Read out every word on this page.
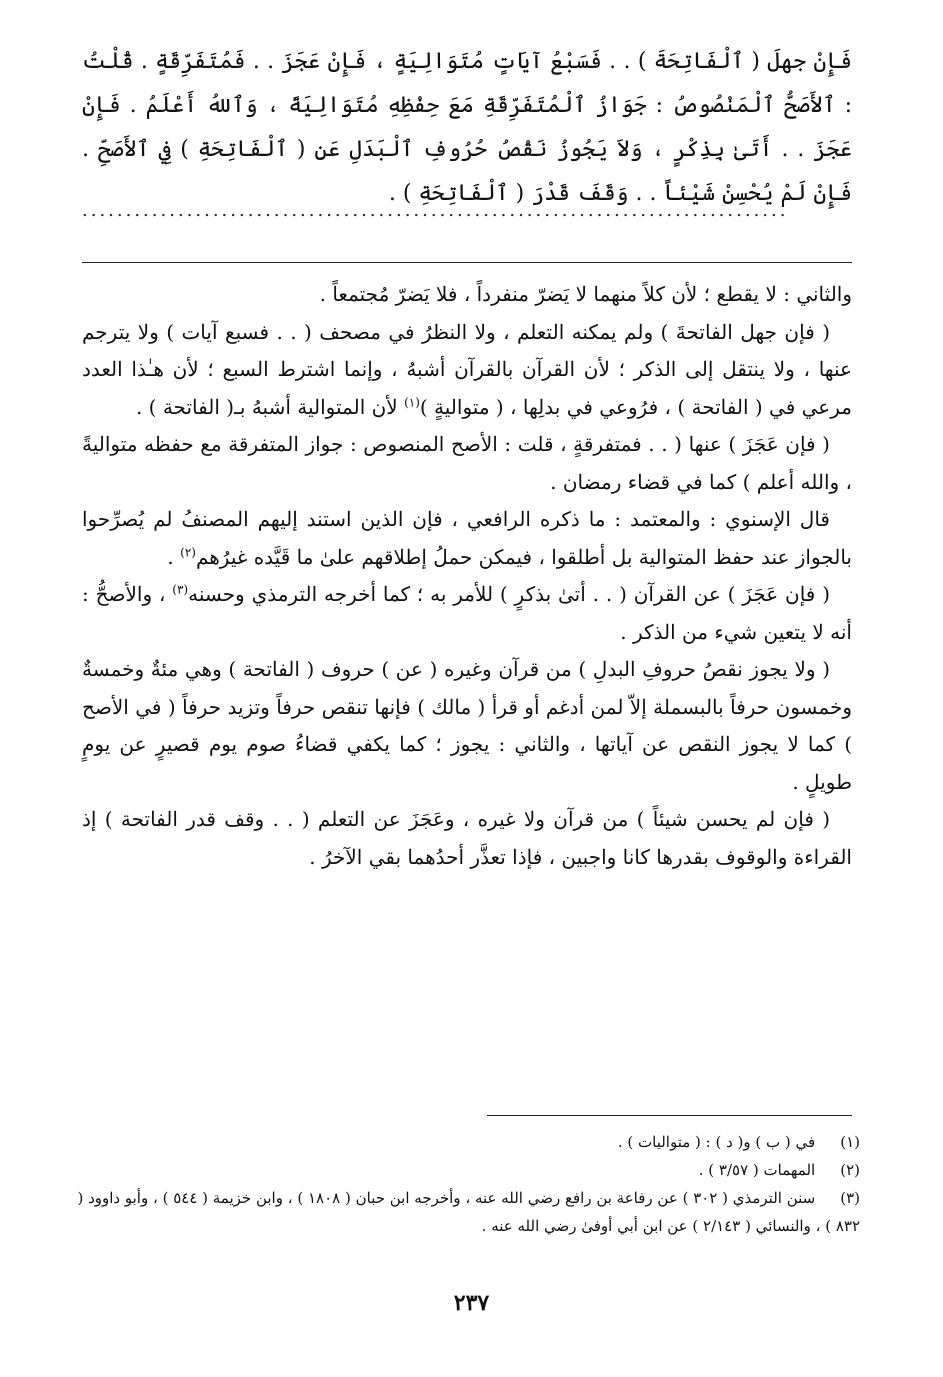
فَإِنْ جهلَ ( ٱلْفَاتِحَةَ ) . . فَسَبْعُ آيَاتٍ مُتَوَالِيَةٍ ، فَإِنْ عَجَزَ . . فَمُتَفَرِّقَةٍ . قُلْتُ : ٱلأَصَحُّ ٱلْمَنْصُوصُ : جَوَازُ ٱلْمُتَفَرِّقَةِ مَعَ حِفْظِهِ مُتَوَالِيَةً ، وَٱللهُ أَعْلَمُ . فَإِنْ عَجَزَ . . أَتَىٰ بِذِكْرٍ ، وَلاَ يَجُوزُ نَقْصُ حُرُوفِ ٱلْبَدَلِ عَنِ ( ٱلْفَاتِحَةِ ) فِي ٱلأَصَحِّ . فَإِنْ لَمْ يُحْسِنْ شَيْئاً . . وَقَفَ قَدْرَ ( ٱلْفَاتِحَةِ ) .

.................................................................................

والثاني : لا يقطع ؛ لأن كلاً منهما لا يَضرّ منفرداً ، فلا يَضرّ مُجتمعاً .

( فإن جهل الفاتحةَ ) ولم يمكنه التعلم ، ولا النظرُ في مصحف ( . . فسبع آيات ) ولا يترجم عنها ، ولا ينتقل إلى الذكر ؛ لأن القرآن بالقرآن أشبهُ ، وإنما اشترط السبع ؛ لأن هـٰذا العدد مرعي في ( الفاتحة ) ، فرُوعي في بدلِها ، ( متواليةٍ )$^{(١)}$ لأن المتوالية أشبهُ بـ( الفاتحة ) .

( فإن عَجَزَ ) عنها ( . . فمتفرقةٍ ، قلت : الأصح المنصوص : جواز المتفرقة مع حفظه متواليةً ، والله أعلم ) كما في قضاء رمضان .

قال الإسنوي : والمعتمد : ما ذكره الرافعي ، فإن الذين استند إليهم المصنفُ لم يُصرِّحوا بالجواز عند حفظ المتوالية بل أطلقوا ، فيمكن حملُ إطلاقهم علىٰ ما قَيَّده غيرُهم$^{(٢)}$ .

( فإن عَجَزَ ) عن القرآن ( . . أتىٰ بذكرٍ ) للأمر به ؛ كما أخرجه الترمذي وحسنه$^{(٣)}$ ، والأصحُّ : أنه لا يتعين شيء من الذكر .

( ولا يجوز نقصُ حروفِ البدلِ ) من قرآن وغيره ( عن ) حروف ( الفاتحة ) وهي مئةٌ وخمسةٌ وخمسون حرفاً بالبسملة إلاّ لمن أدغم أو قرأ ( مالك ) فإنها تنقص حرفاً وتزيد حرفاً ( في الأصح ) كما لا يجوز النقص عن آياتها ، والثاني : يجوز ؛ كما يكفي قضاءُ صوم يوم قصيرٍ عن يومٍ طويلٍ .

( فإن لم يحسن شيئاً ) من قرآن ولا غيره ، وعَجَزَ عن التعلم ( . . وقف قدر الفاتحة ) إذ القراءة والوقوف بقدرها كانا واجبين ، فإذا تعذَّر أحدُهما بقي الآخرُ .

(١) في ( ب ) و( د ) : ( متواليات ) .
(٢) المهمات ( ٣/٥٧ ) .
(٣) سنن الترمذي ( ٣٠٢ ) عن رفاعة بن رافع رضي الله عنه ، وأخرجه ابن حبان ( ١٨٠٨ ) ، وابن خزيمة ( ٥٤٤ ) ، وأبو داوود ( ٨٣٢ ) ، والنسائي ( ٢/١٤٣ ) عن ابن أبي أوفىٰ رضي الله عنه .
٢٣٧
